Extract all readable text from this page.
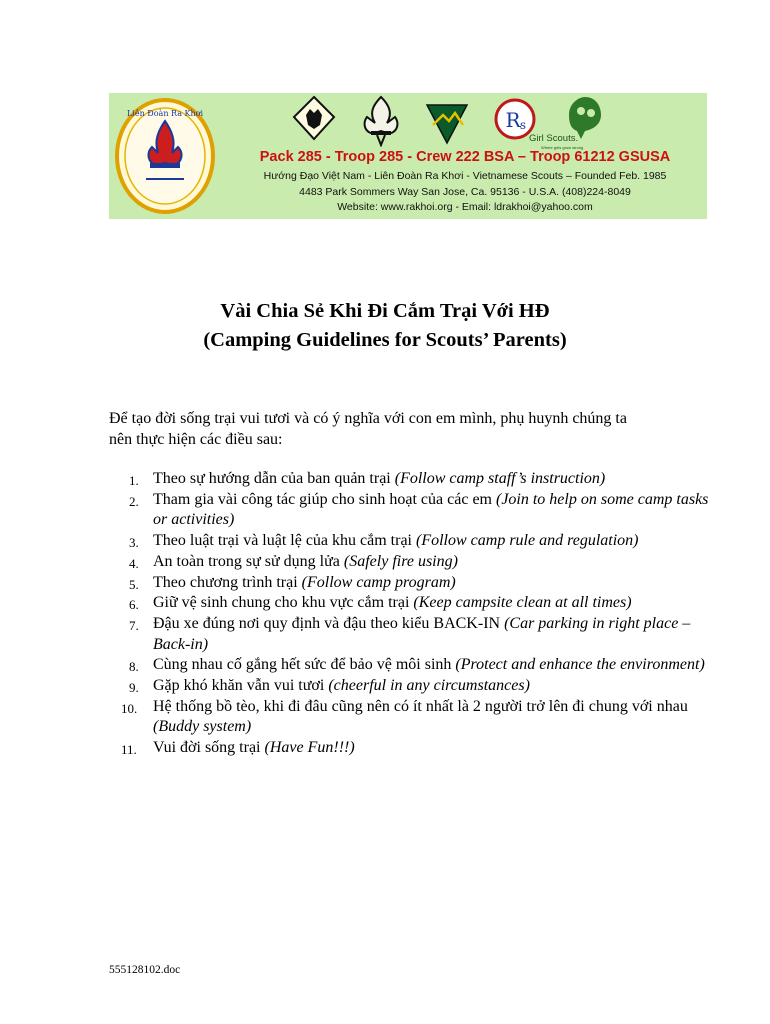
Liên Đoàn Ra Khơi	R s
Girl Scouts.
Where girls grow strong
Pack 285 - Troop 285 - Crew 222 BSA – Troop 61212 GSUSA
Hướng Đạo Việt Nam - Liên Đoàn Ra Khơi - Vietnamese Scouts – Founded Feb. 1985
4483 Park Sommers Way San Jose, Ca. 95136 - U.S.A. (408)224-8049
Website: www.rakhoi.org - Email: ldrakhoi@yahoo.com
Vài Chia Sẻ Khi Đi Cắm Trại Với HĐ
(Camping Guidelines for Scouts’ Parents)
Để tạo đời sống trại vui tươi và có ý nghĩa với con em mình, phụ huynh chúng ta
nên thực hiện các điều sau:
1. Theo sự hướng dẫn của ban quản trại (Follow camp staff’s instruction)
2. Tham gia vài công tác giúp cho sinh hoạt của các em (Join to help on some camp tasks or activities)
3. Theo luật trại và luật lệ của khu cắm trại (Follow camp rule and regulation)
4. An toàn trong sự sử dụng lửa (Safely fire using)
5. Theo chương trình trại (Follow camp program)
6. Giữ vệ sinh chung cho khu vực cắm trại (Keep campsite clean at all times)
7. Đậu xe đúng nơi quy định và đậu theo kiểu BACK-IN (Car parking in right place – Back-in)
8. Cùng nhau cố gắng hết sức để bảo vệ môi sinh (Protect and enhance the environment)
9. Gặp khó khăn vẫn vui tươi (cheerful in any circumstances)
10. Hệ thống bồ tèo, khi đi đâu cũng nên có ít nhất là 2 người trở lên đi chung với nhau (Buddy system)
11. Vui đời sống trại (Have Fun!!!)
555128102.doc
